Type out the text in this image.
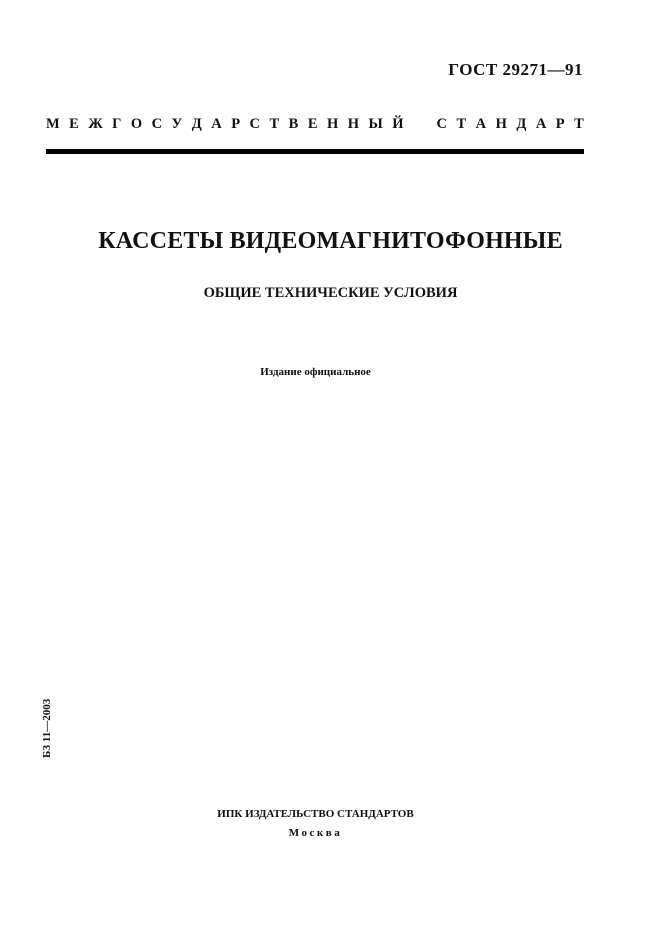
ГОСТ 29271—91
М Е Ж Г О С У Д А Р С Т В Е Н Н Ы Й С Т А Н Д А Р Т
КАССЕТЫ ВИДЕОМАГНИТОФОННЫЕ
ОБЩИЕ ТЕХНИЧЕСКИЕ УСЛОВИЯ
Издание официальное
БЗ 11—2003
ИПК ИЗДАТЕЛЬСТВО СТАНДАРТОВ
Москва
